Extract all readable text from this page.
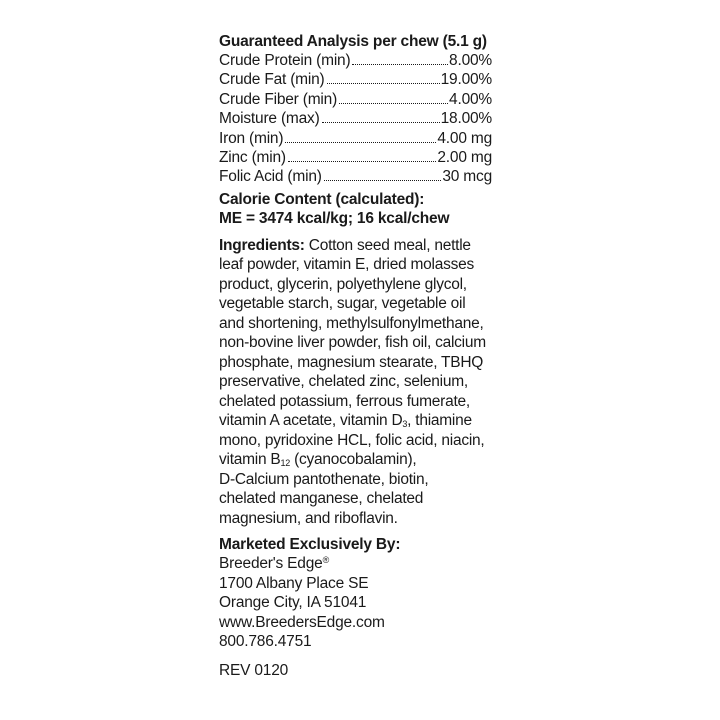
Guaranteed Analysis per chew (5.1 g)
Crude Protein (min)	8.00%
Crude Fat (min)	19.00%
Crude Fiber (min)	4.00%
Moisture (max)	18.00%
Iron (min)	4.00 mg
Zinc (min)	2.00 mg
Folic Acid (min)	30 mcg
Calorie Content (calculated):
ME = 3474 kcal/kg; 16 kcal/chew
Ingredients: Cotton seed meal, nettle
leaf powder, vitamin E, dried molasses
product, glycerin, polyethylene glycol,
vegetable starch, sugar, vegetable oil
and shortening, methylsulfonylmethane,
non-bovine liver powder, fish oil, calcium
phosphate, magnesium stearate, TBHQ
preservative, chelated zinc, selenium,
chelated potassium, ferrous fumerate,
vitamin A acetate, vitamin $D_3$, thiamine
mono, pyridoxine HCL, folic acid, niacin,
vitamin $B_{12}$ (cyanocobalamin),
D-Calcium pantothenate, biotin,
chelated manganese, chelated
magnesium, and riboflavin.
Marketed Exclusively By:
Breeder's Edge®
1700 Albany Place SE
Orange City, IA 51041
www.BreedersEdge.com
800.786.4751
REV 0120
